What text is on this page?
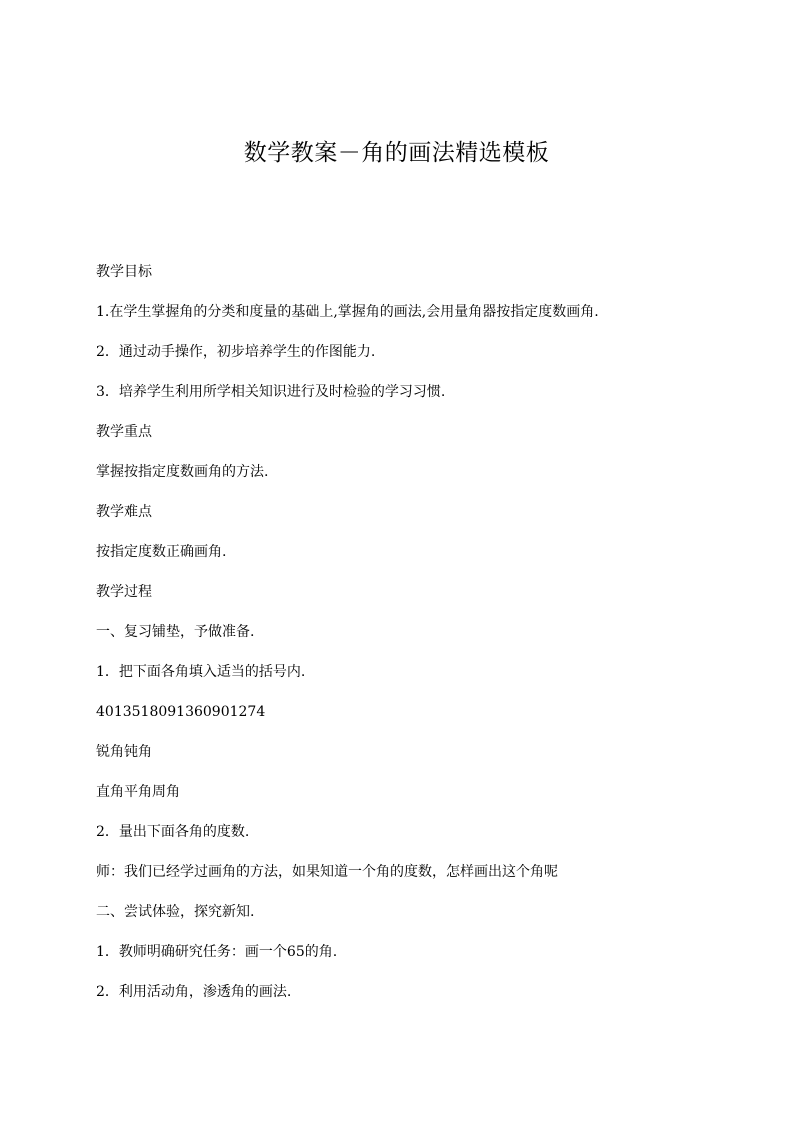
数学教案－角的画法精选模板
教学目标
1.在学生掌握角的分类和度量的基础上,掌握角的画法,会用量角器按指定度数画角.
2．通过动手操作，初步培养学生的作图能力.
3．培养学生利用所学相关知识进行及时检验的学习习惯.
教学重点
掌握按指定度数画角的方法.
教学难点
按指定度数正确画角.
教学过程
一、复习铺垫，予做准备.
1．把下面各角填入适当的括号内.
4013518091360901274
锐角钝角
直角平角周角
2．量出下面各角的度数.
师：我们已经学过画角的方法，如果知道一个角的度数，怎样画出这个角呢
二、尝试体验，探究新知.
1．教师明确研究任务：画一个65的角.
2．利用活动角，渗透角的画法.
